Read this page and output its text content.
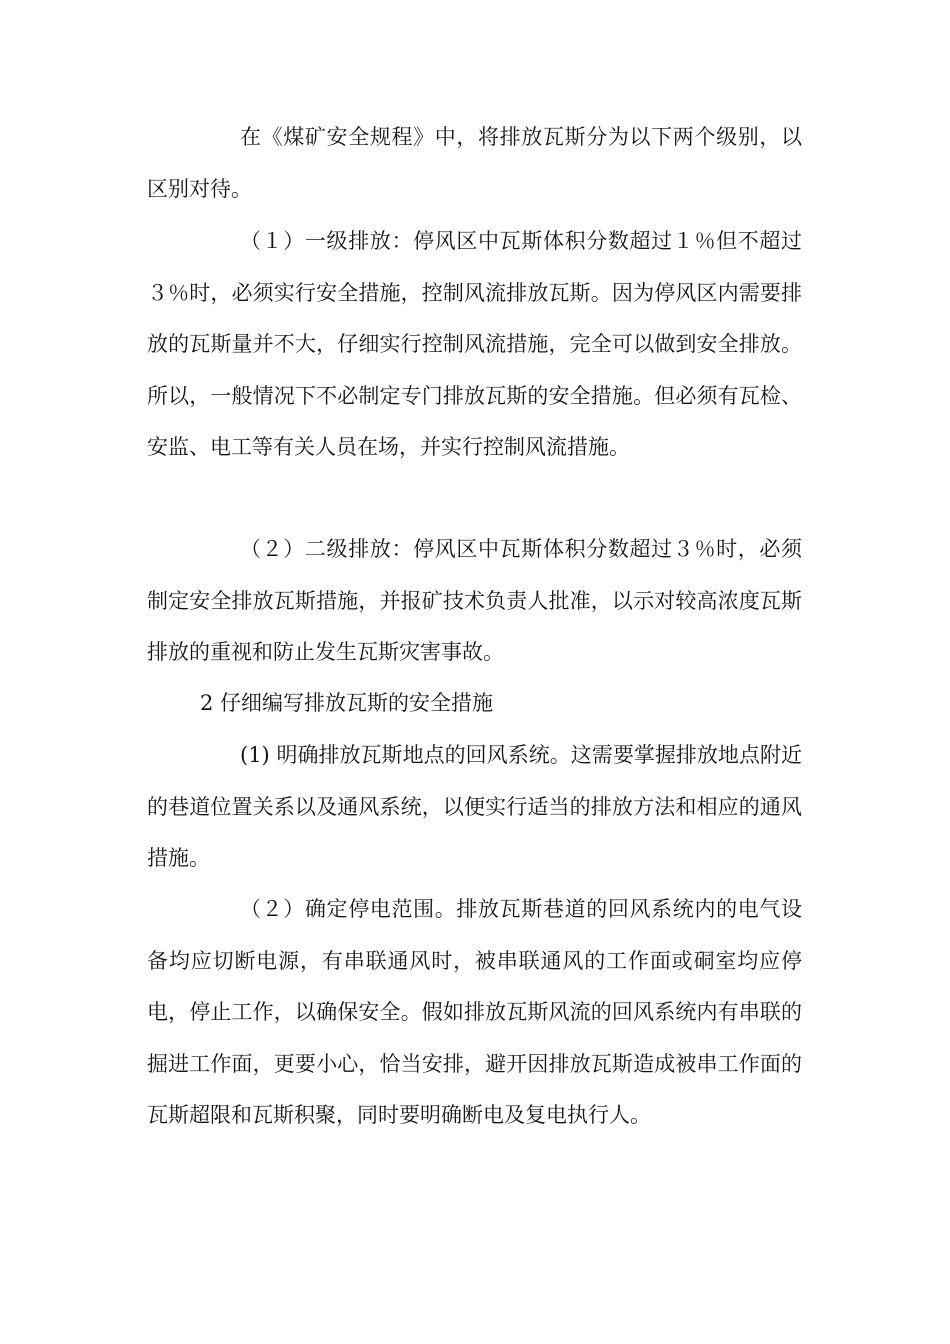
在《煤矿安全规程》中，将排放瓦斯分为以下两个级别，以区别对待。

（１）一级排放：停风区中瓦斯体积分数超过１％但不超过３％时，必须实行安全措施，控制风流排放瓦斯。因为停风区内需要排放的瓦斯量并不大，仔细实行控制风流措施，完全可以做到安全排放。所以，一般情况下不必制定专门排放瓦斯的安全措施。但必须有瓦检、安监、电工等有关人员在场，并实行控制风流措施。

（２）二级排放：停风区中瓦斯体积分数超过３％时，必须制定安全排放瓦斯措施，并报矿技术负责人批准，以示对较高浓度瓦斯排放的重视和防止发生瓦斯灾害事故。

2 仔细编写排放瓦斯的安全措施

(1) 明确排放瓦斯地点的回风系统。这需要掌握排放地点附近的巷道位置关系以及通风系统，以便实行适当的排放方法和相应的通风措施。

（２）确定停电范围。排放瓦斯巷道的回风系统内的电气设备均应切断电源，有串联通风时，被串联通风的工作面或硐室均应停电，停止工作，以确保安全。假如排放瓦斯风流的回风系统内有串联的掘进工作面，更要小心，恰当安排，避开因排放瓦斯造成被串工作面的瓦斯超限和瓦斯积聚，同时要明确断电及复电执行人。
